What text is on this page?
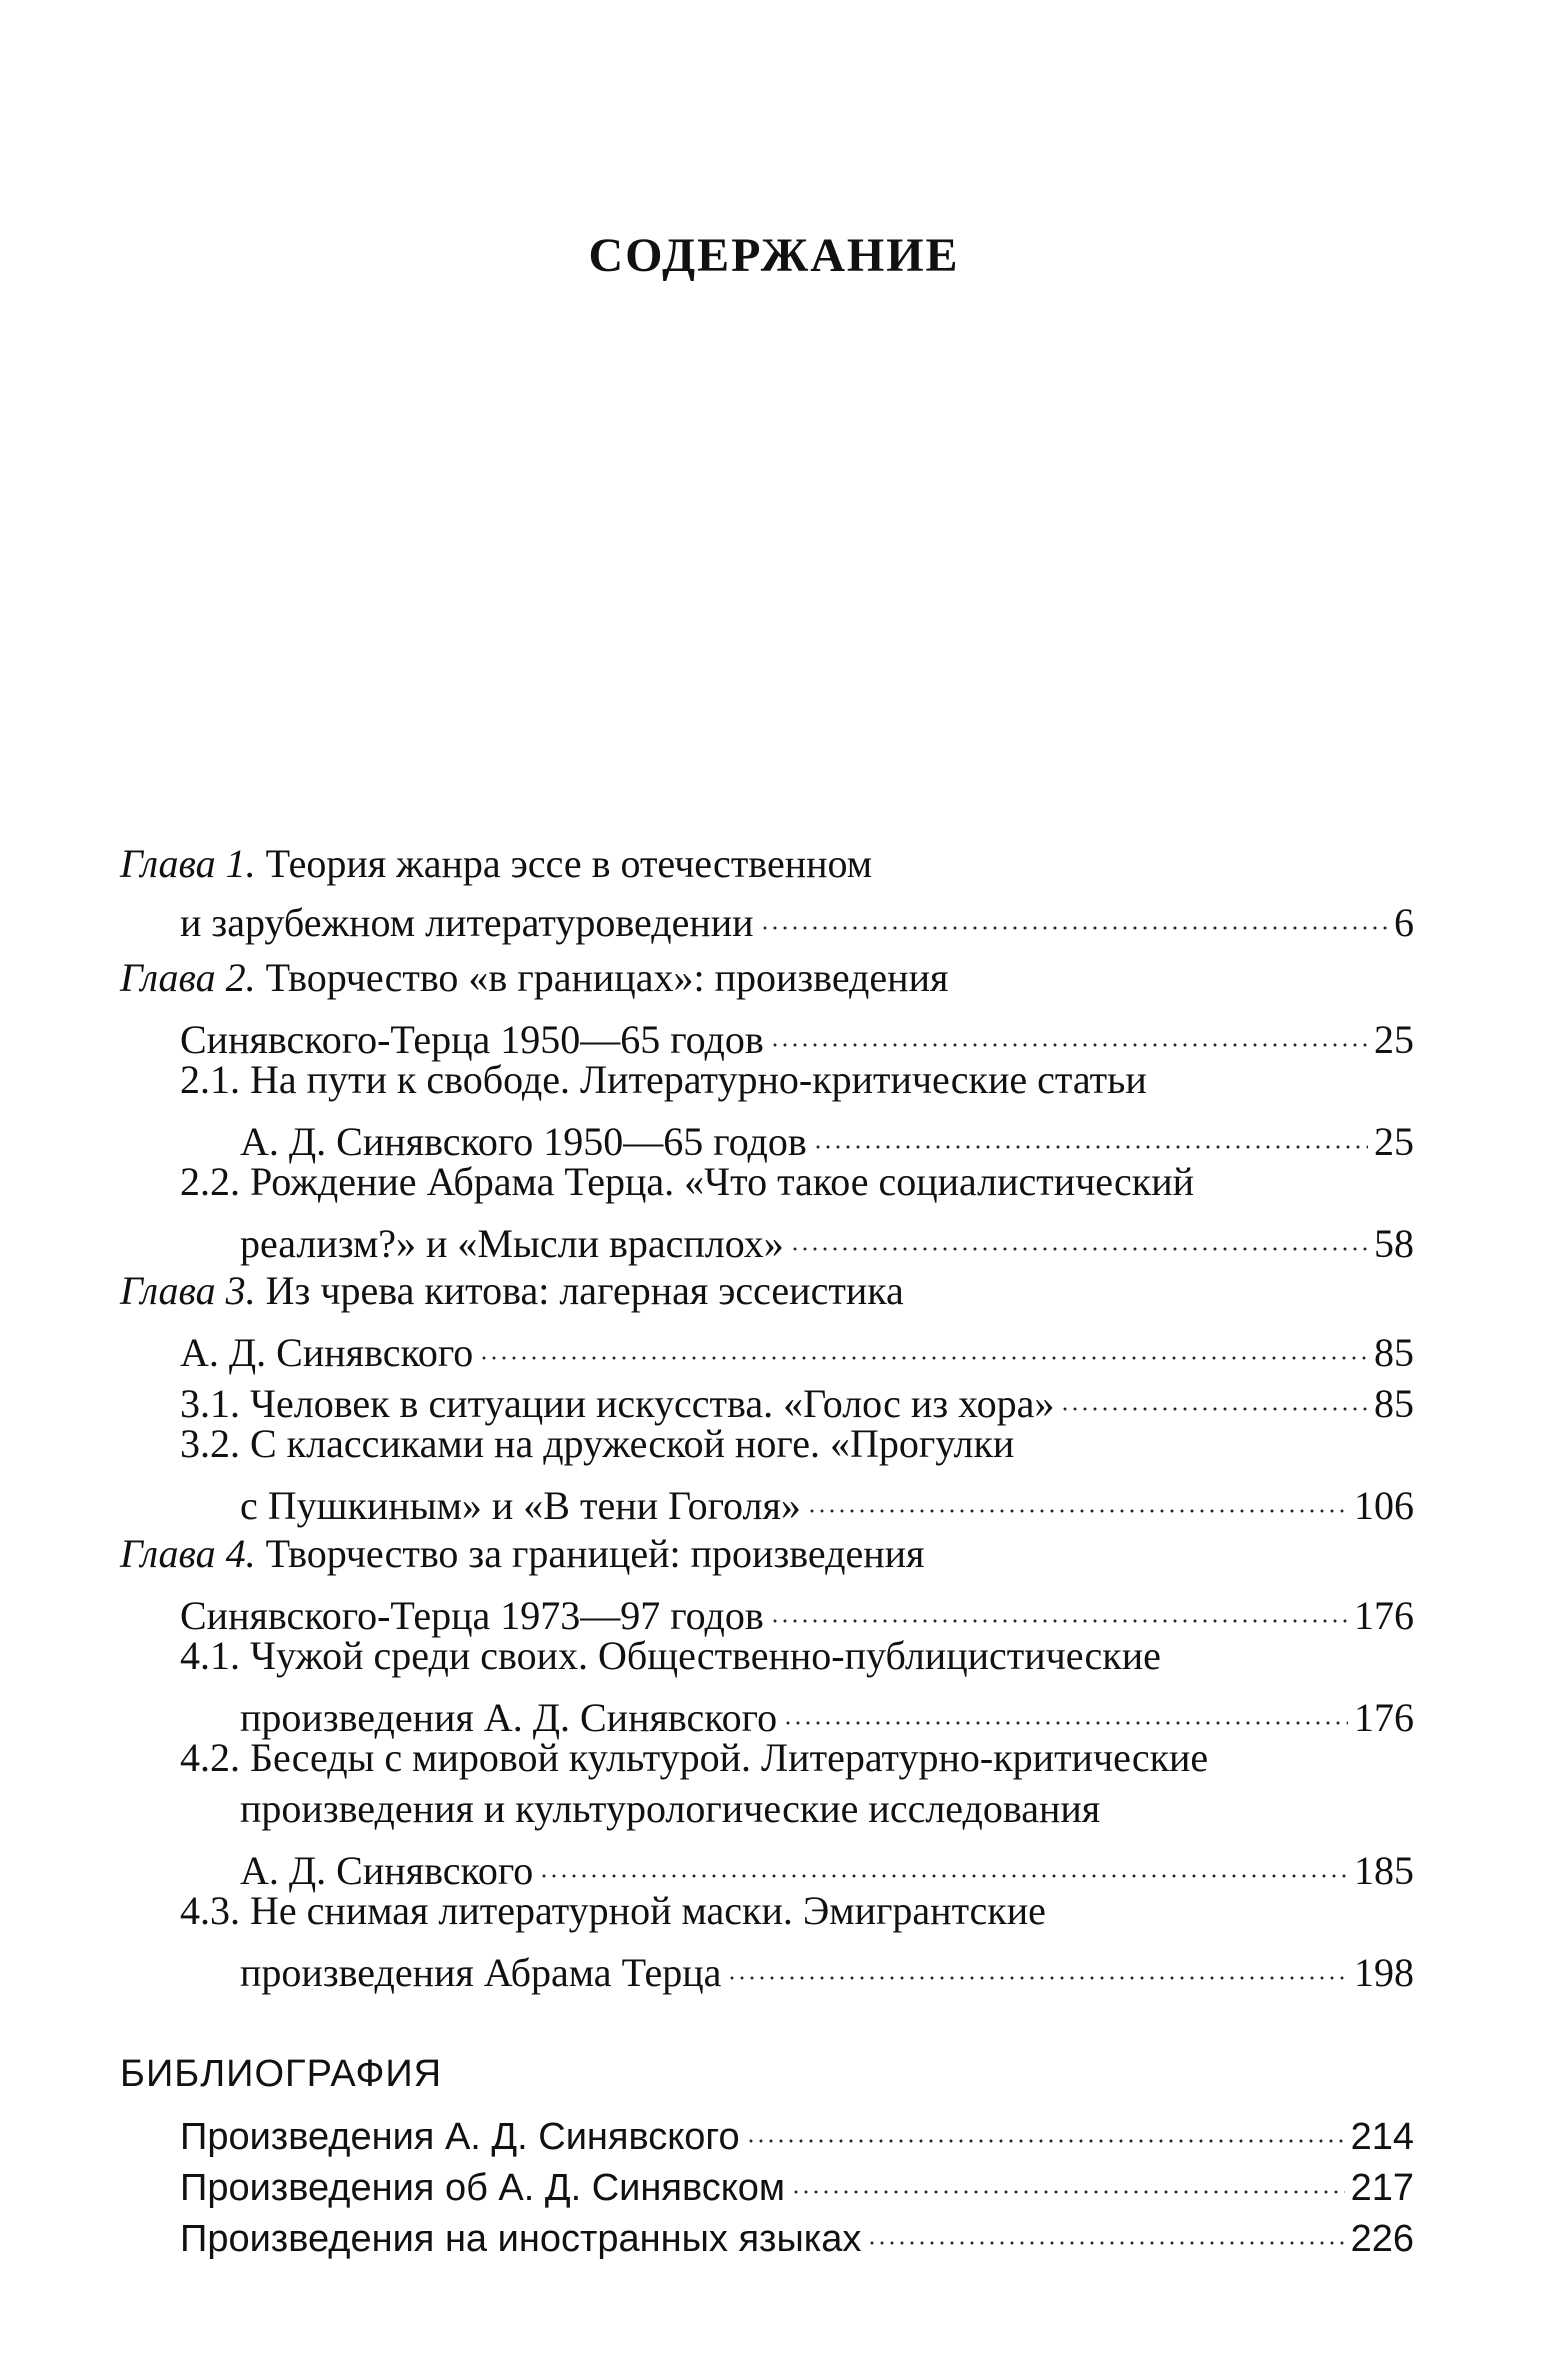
СОДЕРЖАНИЕ
Глава 1. Теория жанра эссе в отечественном
и зарубежном литературоведении	6
Глава 2. Творчество «в границах»: произведения
Синявского-Терца 1950—65 годов	25
2.1. На пути к свободе. Литературно-критические статьи
А. Д. Синявского 1950—65 годов	25
2.2. Рождение Абрама Терца. «Что такое социалистический
реализм?» и «Мысли врасплох»	58
Глава 3. Из чрева китова: лагерная эссеистика
А. Д. Синявского	85
3.1. Человек в ситуации искусства. «Голос из хора»	85
3.2. С классиками на дружеской ноге. «Прогулки
с Пушкиным» и «В тени Гоголя»	106
Глава 4. Творчество за границей: произведения
Синявского-Терца 1973—97 годов	176
4.1. Чужой среди своих. Общественно-публицистические
произведения А. Д. Синявского	176
4.2. Беседы с мировой культурой. Литературно-критические
произведения и культурологические исследования
А. Д. Синявского	185
4.3. Не снимая литературной маски. Эмигрантские
произведения Абрама Терца	198
БИБЛИОГРАФИЯ
Произведения А. Д. Синявского	214
Произведения об А. Д. Синявском	217
Произведения на иностранных языках	226
